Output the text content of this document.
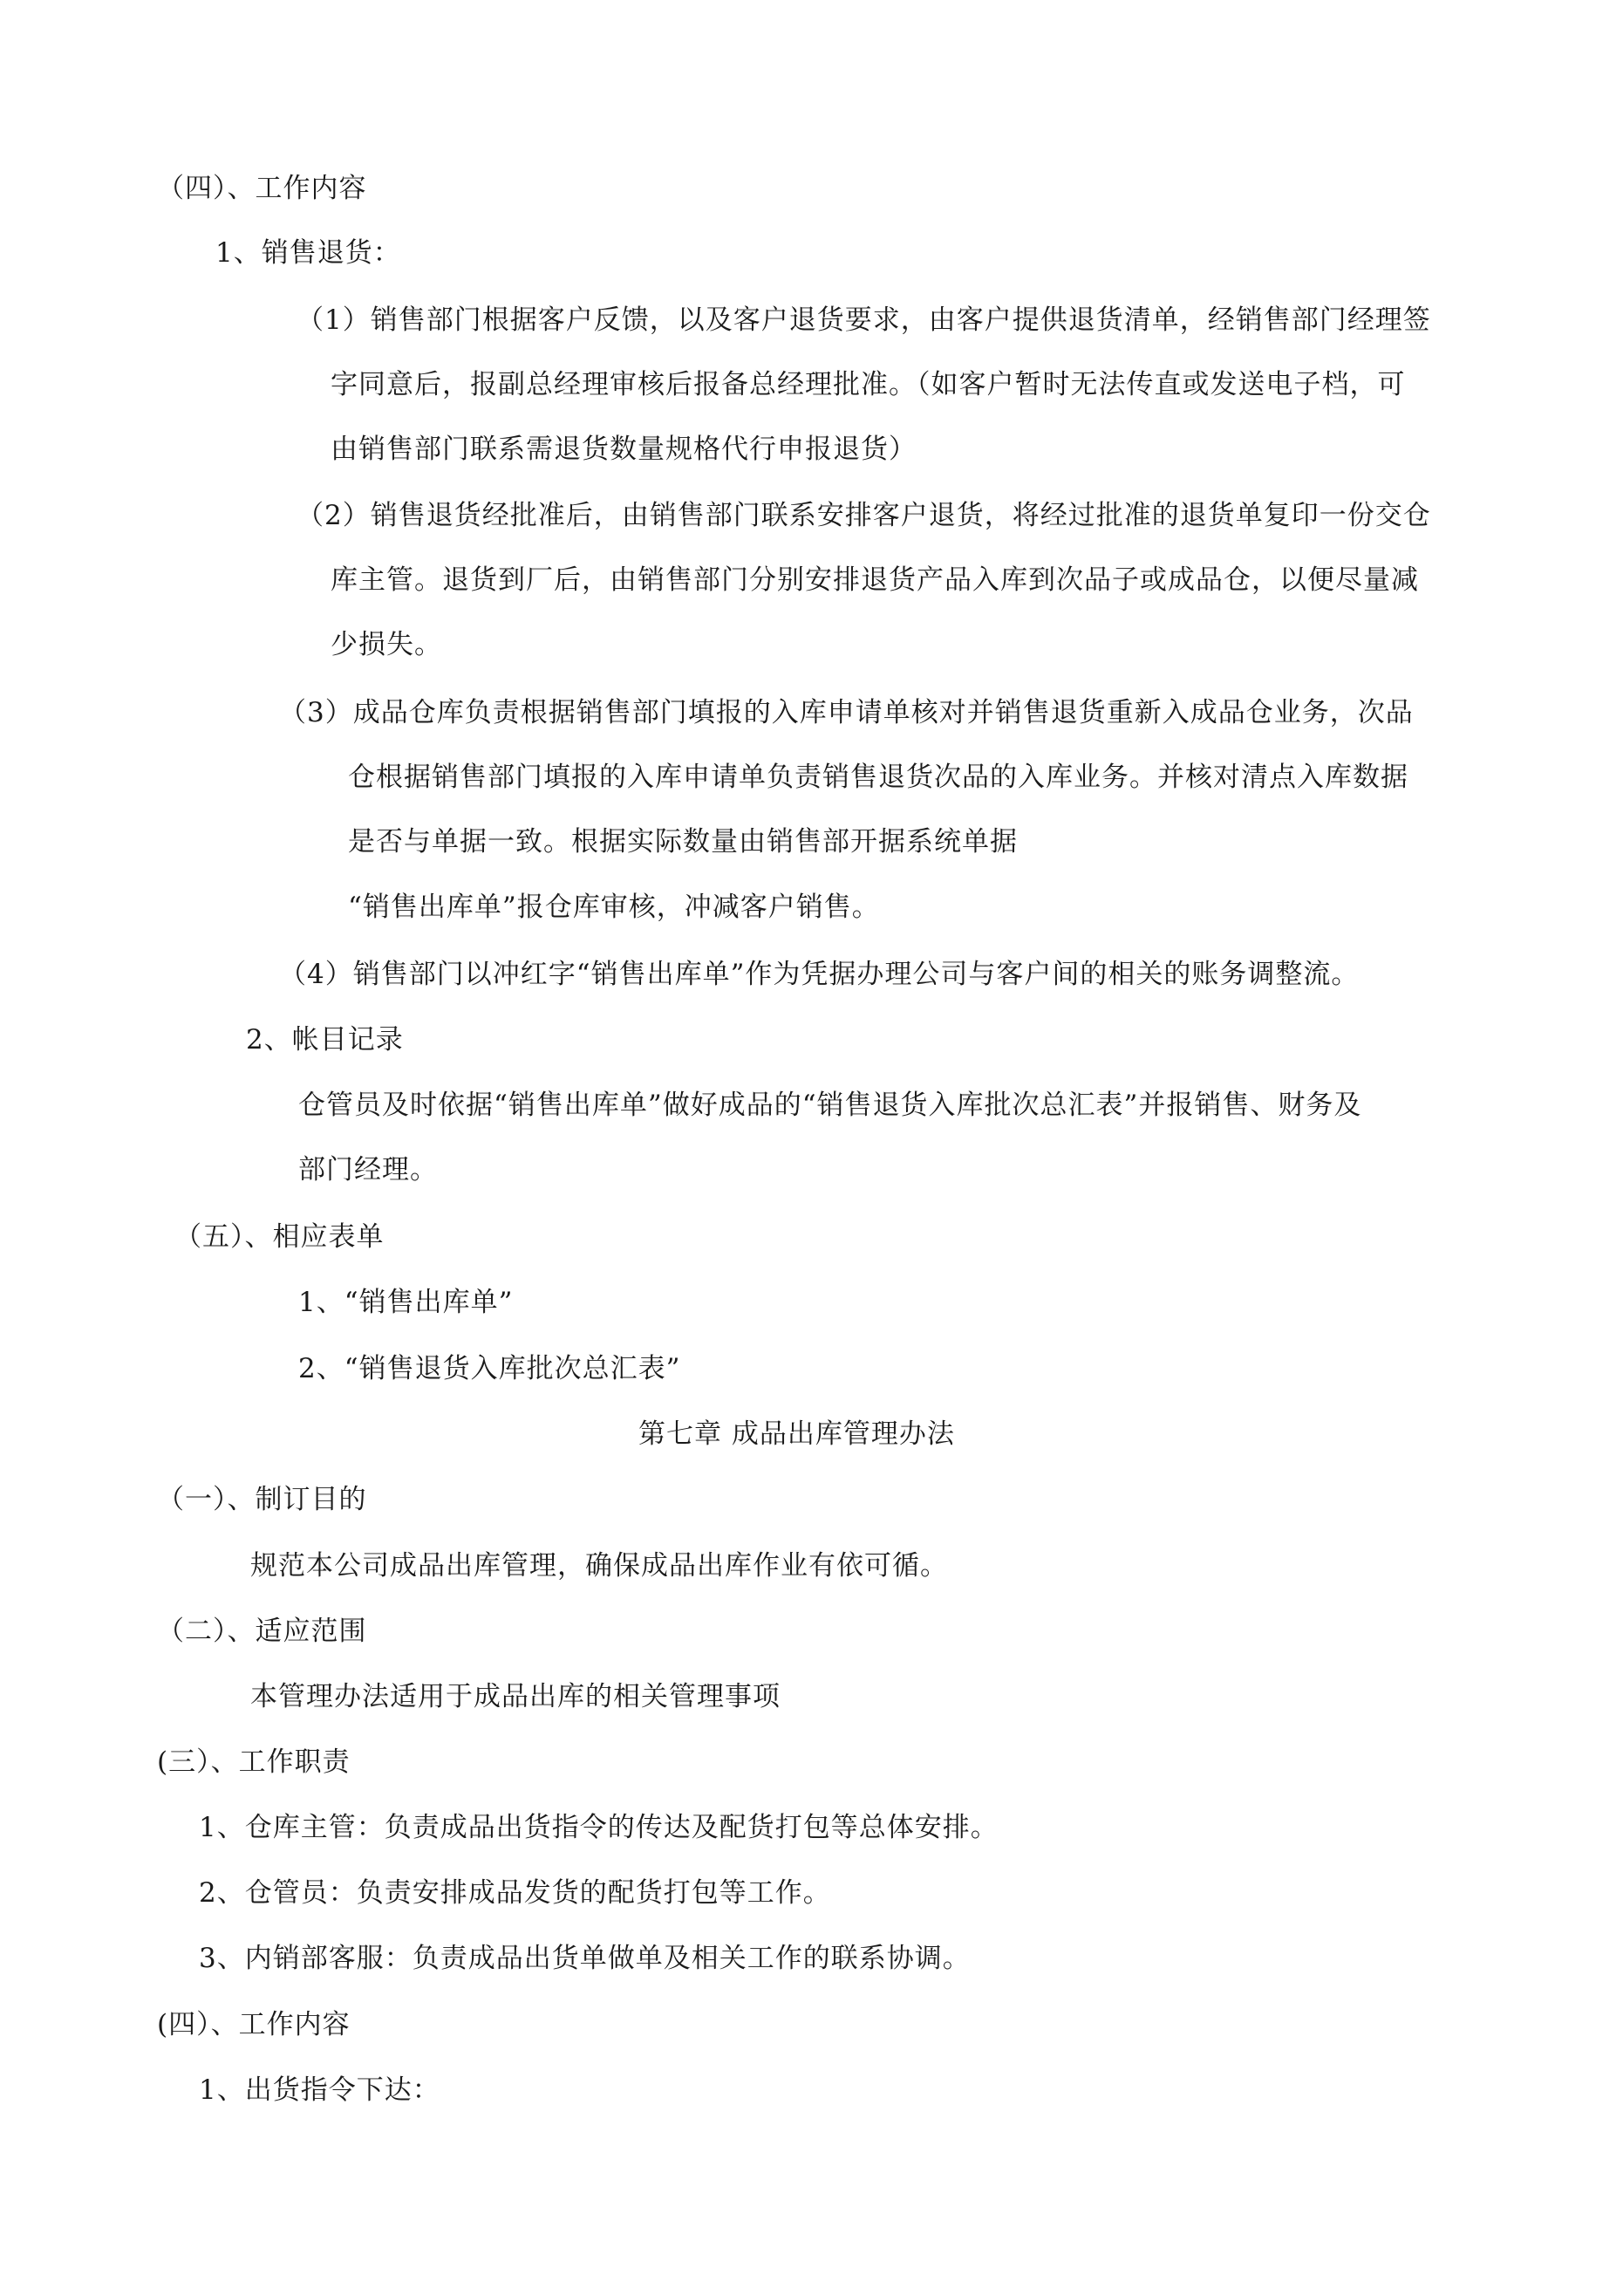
（四）、工作内容

1、销售退货：

（1）销售部门根据客户反馈，以及客户退货要求，由客户提供退货清单，经销售部门经理签

字同意后，报副总经理审核后报备总经理批准。（如客户暂时无法传直或发送电子档，可

由销售部门联系需退货数量规格代行申报退货）

（2）销售退货经批准后，由销售部门联系安排客户退货，将经过批准的退货单复印一份交仓

库主管。退货到厂后，由销售部门分别安排退货产品入库到次品子或成品仓，以便尽量减

少损失。

（3）成品仓库负责根据销售部门填报的入库申请单核对并销售退货重新入成品仓业务，次品

仓根据销售部门填报的入库申请单负责销售退货次品的入库业务。并核对清点入库数据

是否与单据一致。根据实际数量由销售部开据系统单据

“销售出库单”报仓库审核，冲减客户销售。

（4）销售部门以冲红字“销售出库单”作为凭据办理公司与客户间的相关的账务调整流。

2、帐目记录

仓管员及时依据“销售出库单”做好成品的“销售退货入库批次总汇表”并报销售、财务及

部门经理。

（五）、相应表单

1、“销售出库单”

2、“销售退货入库批次总汇表”

第七章 成品出库管理办法

（一）、制订目的

规范本公司成品出库管理，确保成品出库作业有依可循。

（二）、适应范围

本管理办法适用于成品出库的相关管理事项

(三）、工作职责

1、仓库主管：负责成品出货指令的传达及配货打包等总体安排。

2、仓管员：负责安排成品发货的配货打包等工作。

3、内销部客服：负责成品出货单做单及相关工作的联系协调。

(四）、工作内容

1、出货指令下达：
